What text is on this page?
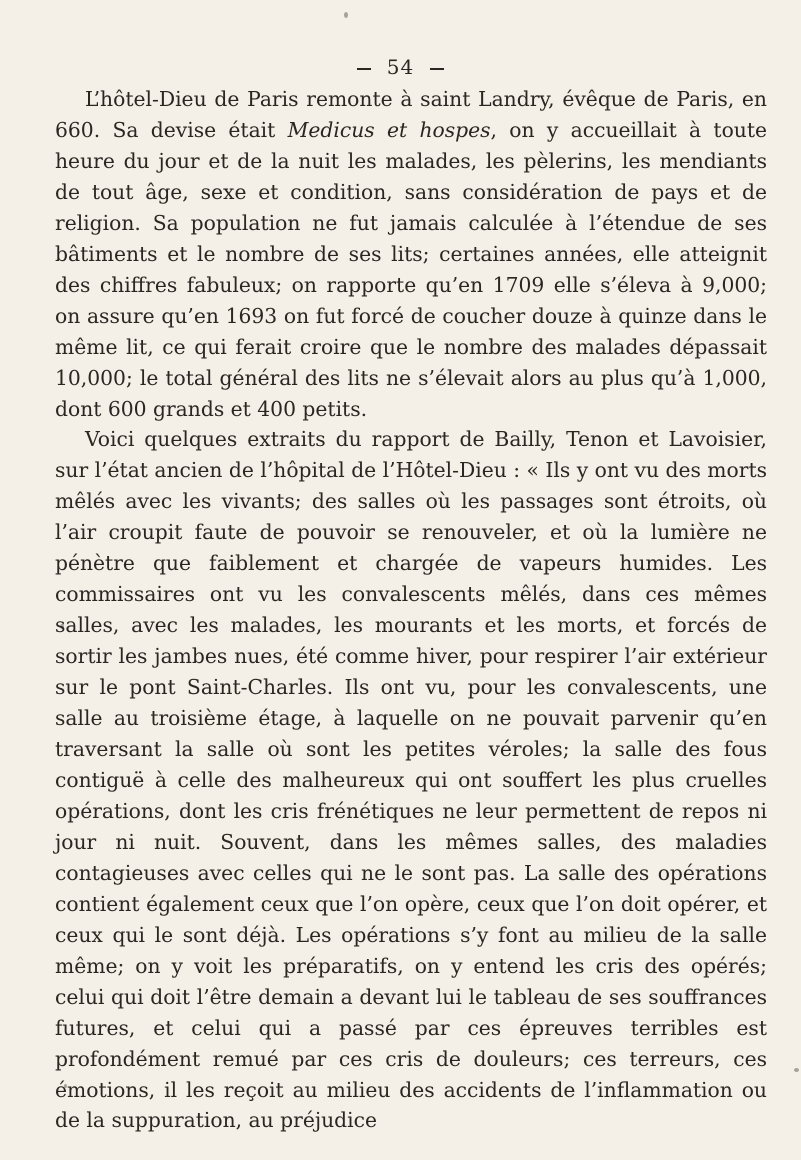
54

L’hôtel-Dieu de Paris remonte à saint Landry, évêque de Paris, en 660. Sa devise était Medicus et hospes, on y accueillait à toute heure du jour et de la nuit les malades, les pèlerins, les mendiants de tout âge, sexe et condition, sans considération de pays et de religion. Sa population ne fut jamais calculée à l’étendue de ses bâtiments et le nombre de ses lits; certaines années, elle atteignit des chiffres fabuleux; on rapporte qu’en 1709 elle s’éleva à 9,000; on assure qu’en 1693 on fut forcé de coucher douze à quinze dans le même lit, ce qui ferait croire que le nombre des malades dépassait 10,000; le total général des lits ne s’élevait alors au plus qu’à 1,000, dont 600 grands et 400 petits.

Voici quelques extraits du rapport de Bailly, Tenon et Lavoisier, sur l’état ancien de l’hôpital de l’Hôtel-Dieu : « Ils y ont vu des morts mêlés avec les vivants; des salles où les passages sont étroits, où l’air croupit faute de pouvoir se renouveler, et où la lumière ne pénètre que faiblement et chargée de vapeurs humides. Les commissaires ont vu les convalescents mêlés, dans ces mêmes salles, avec les malades, les mourants et les morts, et forcés de sortir les jambes nues, été comme hiver, pour respirer l’air extérieur sur le pont Saint-Charles. Ils ont vu, pour les convalescents, une salle au troisième étage, à laquelle on ne pouvait parvenir qu’en traversant la salle où sont les petites véroles; la salle des fous contiguë à celle des malheureux qui ont souffert les plus cruelles opérations, dont les cris frénétiques ne leur permettent de repos ni jour ni nuit. Souvent, dans les mêmes salles, des maladies contagieuses avec celles qui ne le sont pas. La salle des opérations contient également ceux que l’on opère, ceux que l’on doit opérer, et ceux qui le sont déjà. Les opérations s’y font au milieu de la salle même; on y voit les préparatifs, on y entend les cris des opérés; celui qui doit l’être demain a devant lui le tableau de ses souffrances futures, et celui qui a passé par ces épreuves terribles est profondément remué par ces cris de douleurs; ces terreurs, ces émotions, il les reçoit au milieu des accidents de l’inflammation ou de la suppuration, au préjudice
